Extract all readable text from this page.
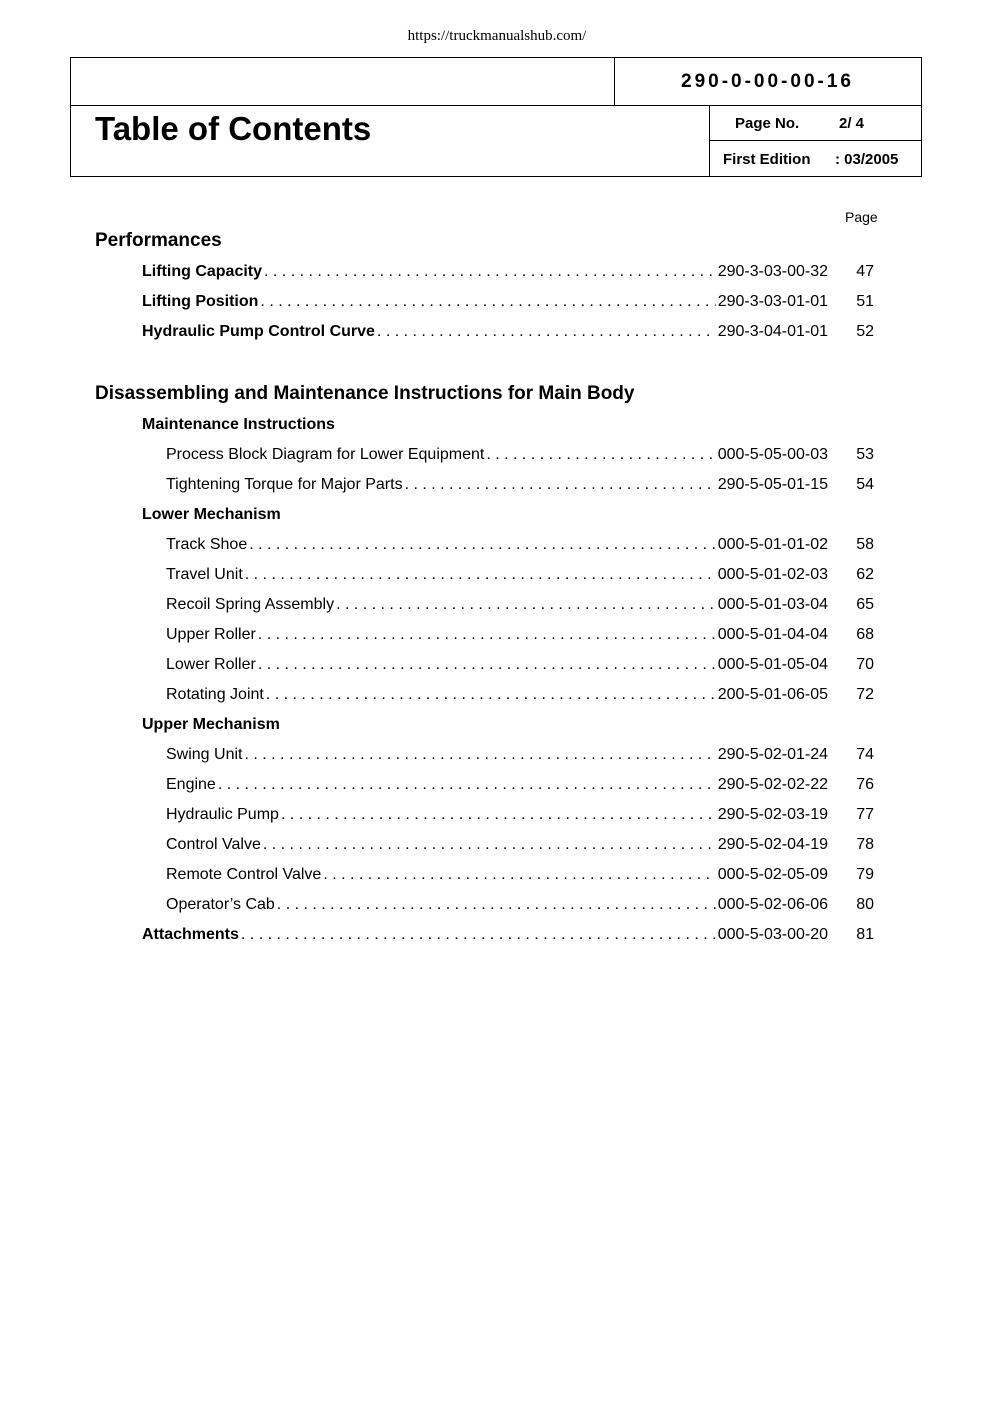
https://truckmanualshub.com/
290-0-00-00-16
Table of Contents	Page No.	2/ 4
First Edition : 03/2005
Page
Performances
Lifting Capacity . . .	290-3-03-00-32	47
Lifting Position . . .	290-3-03-01-01	51
Hydraulic Pump Control Curve . . .	290-3-04-01-01	52
Disassembling and Maintenance Instructions for Main Body
Maintenance Instructions
Process Block Diagram for Lower Equipment . . .	000-5-05-00-03	53
Tightening Torque for Major Parts . . .	290-5-05-01-15	54
Lower Mechanism
Track Shoe . . .	000-5-01-01-02	58
Travel Unit . . .	000-5-01-02-03	62
Recoil Spring Assembly . . .	000-5-01-03-04	65
Upper Roller . . .	000-5-01-04-04	68
Lower Roller . . .	000-5-01-05-04	70
Rotating Joint . . .	200-5-01-06-05	72
Upper Mechanism
Swing Unit . . .	290-5-02-01-24	74
Engine . . .	290-5-02-02-22	76
Hydraulic Pump . . .	290-5-02-03-19	77
Control Valve . . .	290-5-02-04-19	78
Remote Control Valve . . .	000-5-02-05-09	79
Operator’s Cab . . .	000-5-02-06-06	80
Attachments . . .	000-5-03-00-20	81
